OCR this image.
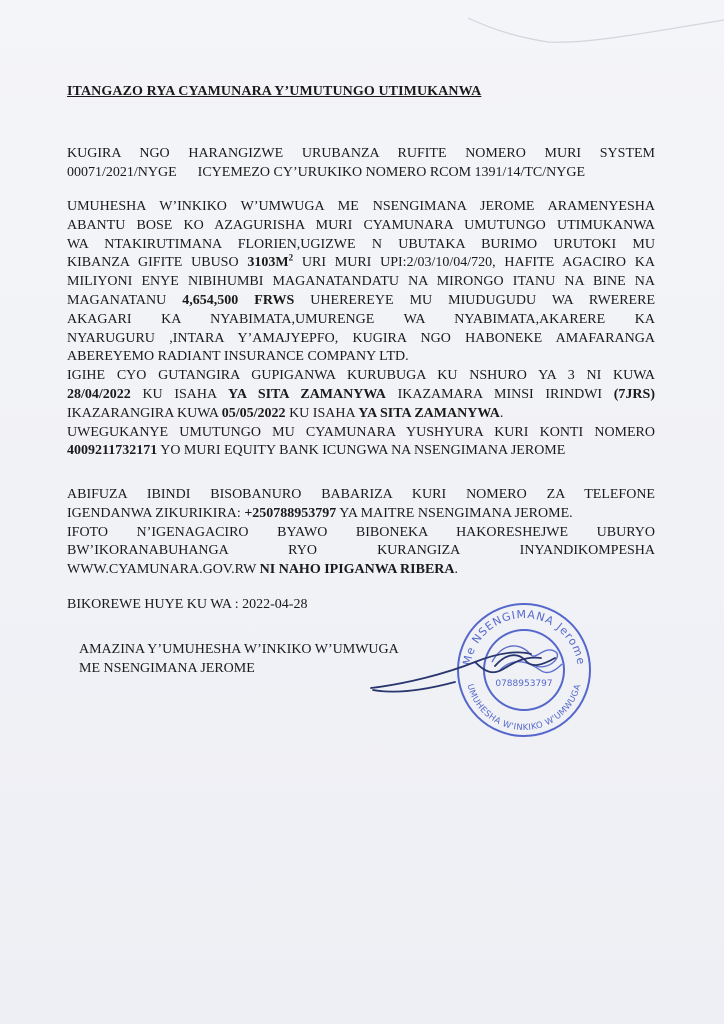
ITANGAZO RYA CYAMUNARA Y’UMUTUNGO UTIMUKANWA
KUGIRA NGO HARANGIZWE URUBANZA RUFITE NOMERO MURI SYSTEM
00071/2021/NYGE ICYEMEZO CY’URUKIKO NOMERO RCOM 1391/14/TC/NYGE
UMUHESHA W’INKIKO W’UMWUGA ME NSENGIMANA JEROME ARAMENYESHA
ABANTU BOSE KO AZAGURISHA MURI CYAMUNARA UMUTUNGO UTIMUKANWA
WA NTAKIRUTIMANA FLORIEN,UGIZWE N UBUTAKA BURIMO URUTOKI MU
KIBANZA GIFITE UBUSO $3103M^2$ URI MURI UPI:2/03/10/04/720, HAFITE AGACIRO KA
MILIYONI ENYE NIBIHUMBI MAGANATANDATU NA MIRONGO ITANU NA BINE NA
MAGANATANU 4,654,500 FRWS UHEREREYE MU MIUDUGUDU WA RWERERE
AKAGARI KA NYABIMATA,UMURENGE WA NYABIMATA,AKARERE KA
NYARUGURU ,INTARA Y’AMAJYEPFO, KUGIRA NGO HABONEKE AMAFARANGA
ABEREYEMO RADIANT INSURANCE COMPANY LTD.
IGIHE CYO GUTANGIRA GUPIGANWA KURUBUGA KU NSHURO YA 3 NI KUWA
28/04/2022 KU ISAHA YA SITA ZAMANYWA IKAZAMARA MINSI IRINDWI (7JRS)
IKAZARANGIRA KUWA 05/05/2022 KU ISAHA YA SITA ZAMANYWA.
UWEGUKANYE UMUTUNGO MU CYAMUNARA YUSHYURA KURI KONTI NOMERO
4009211732171 YO MURI EQUITY BANK ICUNGWA NA NSENGIMANA JEROME
ABIFUZA IBINDI BISOBANURO BABARIZA KURI NOMERO ZA TELEFONE
IGENDANWA ZIKURIKIRA: +250788953797 YA MAITRE NSENGIMANA JEROME.
IFOTO N’IGENAGACIRO BYAWO BIBONEKA HAKORESHEJWE UBURYO
BW’IKORANABUHANGA RYO KURANGIZA INYANDIKOMPESHA
WWW.CYAMUNARA.GOV.RW NI NAHO IPIGANWA RIBERA.
BIKOREWE HUYE KU WA : 2022-04-28
AMAZINA Y’UMUHESHA W’INKIKO W’UMWUGA
ME NSENGIMANA JEROME
Me NSENGIMANA Jerome
UMUHESHA W'INKIKO W'UMWUGA
0788953797
